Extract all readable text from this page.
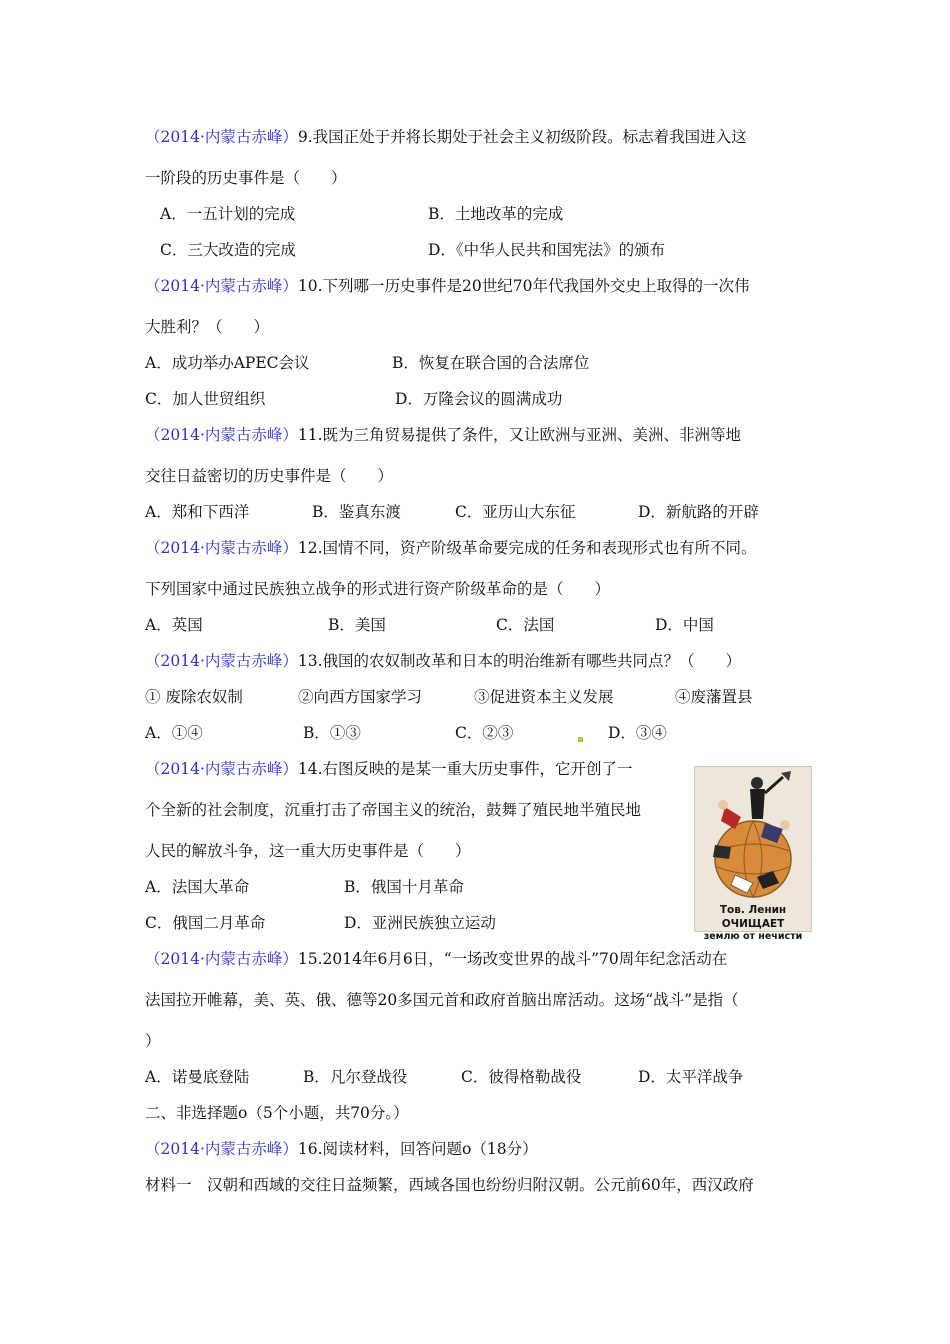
（2014·内蒙古赤峰）9.我国正处于并将长期处于社会主义初级阶段。标志着我国进入这
一阶段的历史事件是（　　）
A．一五计划的完成	B．土地改革的完成
C．三大改造的完成	D．《中华人民共和国宪法》的颁布
（2014·内蒙古赤峰）10.下列哪一历史事件是20世纪70年代我国外交史上取得的一次伟
大胜利？（　　）
A．成功举办APEC会议	B．恢复在联合国的合法席位
C．加人世贸组织	D．万隆会议的圆满成功
（2014·内蒙古赤峰）11.既为三角贸易提供了条件，又让欧洲与亚洲、美洲、非洲等地
交往日益密切的历史事件是（　　）
A．郑和下西洋	B．鉴真东渡	C．亚历山大东征	D．新航路的开辟
（2014·内蒙古赤峰）12.国情不同，资产阶级革命要完成的任务和表现形式也有所不同。
下列国家中通过民族独立战争的形式进行资产阶级革命的是（　　）
A．英国	B．美国	C．法国	D．中国
（2014·内蒙古赤峰）13.俄国的农奴制改革和日本的明治维新有哪些共同点？（　　）
① 废除农奴制	②向西方国家学习	③促进资本主义发展	④废藩置县
A．①④	B．①③	C．②③	D．③④
（2014·内蒙古赤峰）14.右图反映的是某一重大历史事件，它开创了一
个全新的社会制度，沉重打击了帝国主义的统治，鼓舞了殖民地半殖民地
人民的解放斗争，这一重大历史事件是（　　）
A．法国大革命	B．俄国十月革命
C．俄国二月革命	D．亚洲民族独立运动
Тов. Ленин ОЧИЩАЕТ
землю от нечисти
（2014·内蒙古赤峰）15.2014年6月6日，“一场改变世界的战斗”70周年纪念活动在
法国拉开帷幕，美、英、俄、德等20多国元首和政府首脑出席活动。这场“战斗”是指（
）
A．诺曼底登陆	B．凡尔登战役	C．彼得格勒战役	D．太平洋战争
二、非选择题o（5个小题，共70分。）
（2014·内蒙古赤峰）16.阅读材料，回答问题o（18分）
材料一　汉朝和西域的交往日益频繁，西域各国也纷纷归附汉朝。公元前60年，西汉政府
